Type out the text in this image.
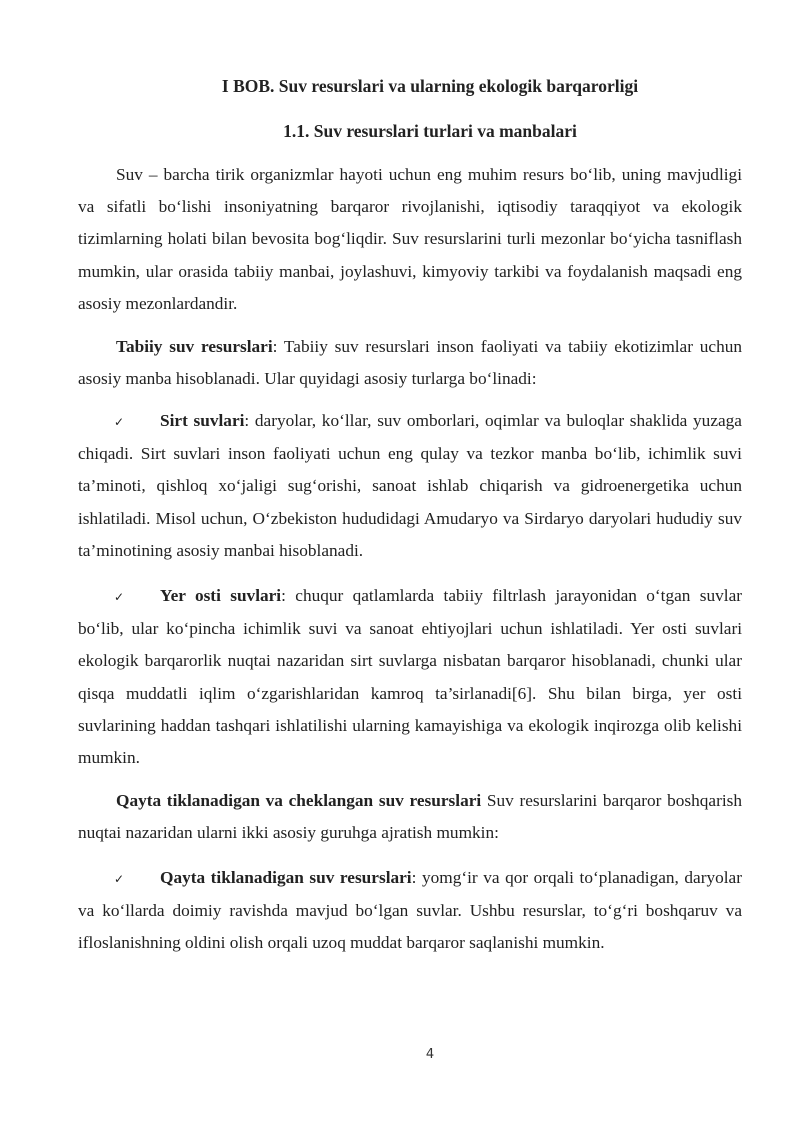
I BOB. Suv resurslari va ularning ekologik barqarorligi
1.1. Suv resurslari turlari va manbalari
Suv – barcha tirik organizmlar hayoti uchun eng muhim resurs bo‘lib, uning mavjudligi va sifatli bo‘lishi insoniyatning barqaror rivojlanishi, iqtisodiy taraqqiyot va ekologik tizimlarning holati bilan bevosita bog‘liqdir. Suv resurslarini turli mezonlar bo‘yicha tasniflash mumkin, ular orasida tabiiy manbai, joylashuvi, kimyoviy tarkibi va foydalanish maqsadi eng asosiy mezonlardandir.
Tabiiy suv resurslari: Tabiiy suv resurslari inson faoliyati va tabiiy ekotizimlar uchun asosiy manba hisoblanadi. Ular quyidagi asosiy turlarga bo‘linadi:
✓ Sirt suvlari: daryolar, ko‘llar, suv omborlari, oqimlar va buloqlar shaklida yuzaga chiqadi. Sirt suvlari inson faoliyati uchun eng qulay va tezkor manba bo‘lib, ichimlik suvi ta’minoti, qishloq xo‘jaligi sug‘orishi, sanoat ishlab chiqarish va gidroenergetika uchun ishlatiladi. Misol uchun, O‘zbekiston hududidagi Amudaryo va Sirdaryo daryolari hududiy suv ta’minotining asosiy manbai hisoblanadi.
✓ Yer osti suvlari: chuqur qatlamlarda tabiiy filtrlash jarayonidan o‘tgan suvlar bo‘lib, ular ko‘pincha ichimlik suvi va sanoat ehtiyojlari uchun ishlatiladi. Yer osti suvlari ekologik barqarorlik nuqtai nazaridan sirt suvlarga nisbatan barqaror hisoblanadi, chunki ular qisqa muddatli iqlim o‘zgarishlaridan kamroq ta’sirlanadi[6]. Shu bilan birga, yer osti suvlarining haddan tashqari ishlatilishi ularning kamayishiga va ekologik inqirozga olib kelishi mumkin.
Qayta tiklanadigan va cheklangan suv resurslari Suv resurslarini barqaror boshqarish nuqtai nazaridan ularni ikki asosiy guruhga ajratish mumkin:
✓ Qayta tiklanadigan suv resurslari: yomg‘ir va qor orqali to‘planadigan, daryolar va ko‘llarda doimiy ravishda mavjud bo‘lgan suvlar. Ushbu resurslar, to‘g‘ri boshqaruv va ifloslanishning oldini olish orqali uzoq muddat barqaror saqlanishi mumkin.
4
